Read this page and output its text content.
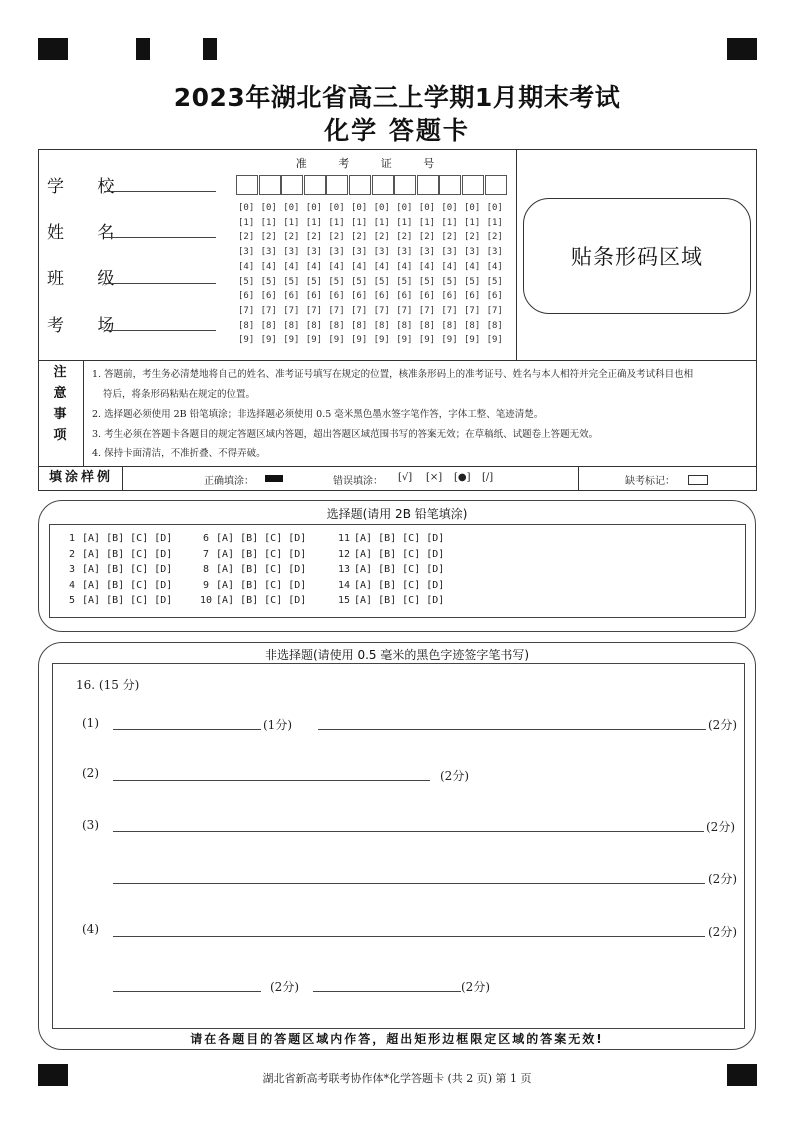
2023年湖北省高三上学期1月期末考试
化学 答题卡
学 校
姓 名
班 级
考 场
准 考 证 号
[0] [0] [0] [0] [0] [0] [0] [0] [0] [0] [0] [0]
[1] [1] [1] [1] [1] [1] [1] [1] [1] [1] [1] [1]
[2] [2] [2] [2] [2] [2] [2] [2] [2] [2] [2] [2]
[3] [3] [3] [3] [3] [3] [3] [3] [3] [3] [3] [3]
[4] [4] [4] [4] [4] [4] [4] [4] [4] [4] [4] [4]
[5] [5] [5] [5] [5] [5] [5] [5] [5] [5] [5] [5]
[6] [6] [6] [6] [6] [6] [6] [6] [6] [6] [6] [6]
[7] [7] [7] [7] [7] [7] [7] [7] [7] [7] [7] [7]
[8] [8] [8] [8] [8] [8] [8] [8] [8] [8] [8] [8]
[9] [9] [9] [9] [9] [9] [9] [9] [9] [9] [9] [9]
贴条形码区域
注意事项
1. 答题前，考生务必清楚地将自己的姓名、准考证号填写在规定的位置，核准条形码上的准考证号、姓名与本人相符并完全正确及考试科目也相
符后，将条形码粘贴在规定的位置。
2. 选择题必须使用 2B 铅笔填涂；非选择题必须使用 0.5 毫米黑色墨水签字笔作答，字体工整、笔迹清楚。
3. 考生必须在答题卡各题目的规定答题区域内答题，超出答题区域范围书写的答案无效；在草稿纸、试题卷上答题无效。
4. 保持卡面清洁，不准折叠、不得弄破。
填涂样例	正确填涂：	错误填涂： [√] [×] [●] [/]	缺考标记：
选择题(请用 2B 铅笔填涂)
1 [A] [B] [C] [D]
2 [A] [B] [C] [D]
3 [A] [B] [C] [D]
4 [A] [B] [C] [D]
5 [A] [B] [C] [D]
6 [A] [B] [C] [D]
7 [A] [B] [C] [D]
8 [A] [B] [C] [D]
9 [A] [B] [C] [D]
10 [A] [B] [C] [D]
11 [A] [B] [C] [D]
12 [A] [B] [C] [D]
13 [A] [B] [C] [D]
14 [A] [B] [C] [D]
15 [A] [B] [C] [D]
非选择题(请使用 0.5 毫米的黑色字迹签字笔书写)
16. (15 分)
(1)	(1分)	(2分)
(2)	(2分)
(3)	(2分)
(2分)
(4)	(2分)
(2分)	(2分)
请在各题目的答题区域内作答，超出矩形边框限定区域的答案无效!
湖北省新高考联考协作体*化学答题卡 (共 2 页) 第 1 页
